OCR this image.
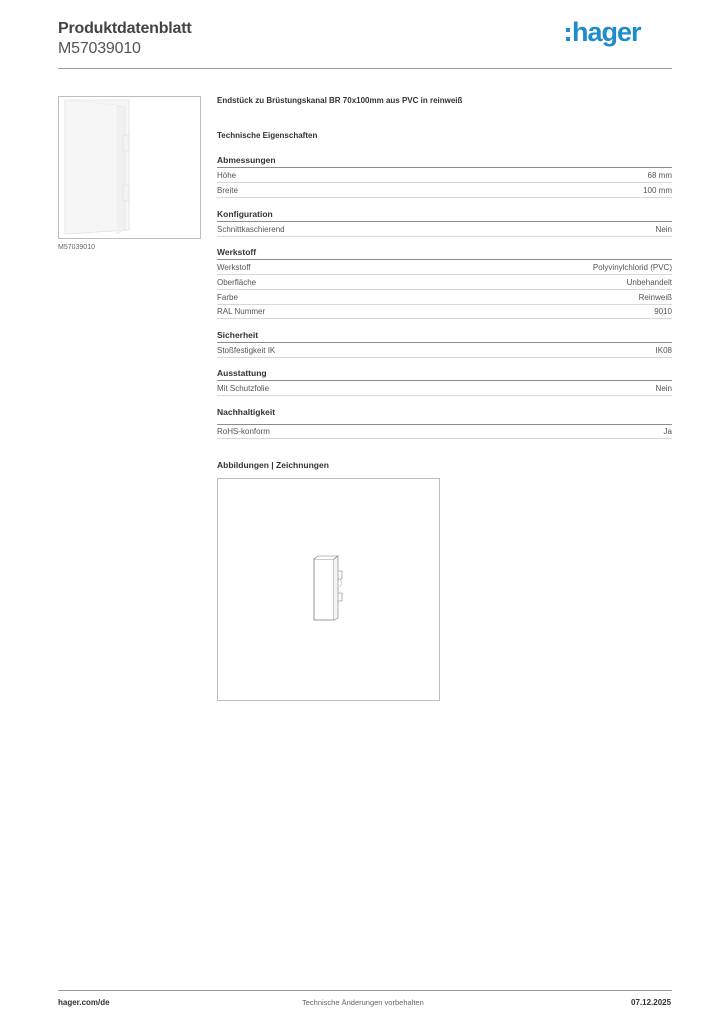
Produktdatenblatt
M57039010
hager
M57039010
Endstück zu Brüstungskanal BR 70x100mm aus PVC in reinweiß
Technische Eigenschaften
Abmessungen
Höhe	68 mm
Breite	100 mm
Konfiguration
Schnittkaschierend	Nein
Werkstoff
Werkstoff	Polyvinylchlorid (PVC)
Oberfläche	Unbehandelt
Farbe	Reinweiß
RAL Nummer	9010
Sicherheit
Stoßfestigkeit IK	IK08
Ausstattung
Mit Schutzfolie	Nein
Nachhaltigkeit
RoHS-konform	Ja
Abbildungen | Zeichnungen
hager.com/de	Technische Änderungen vorbehalten	07.12.2025
